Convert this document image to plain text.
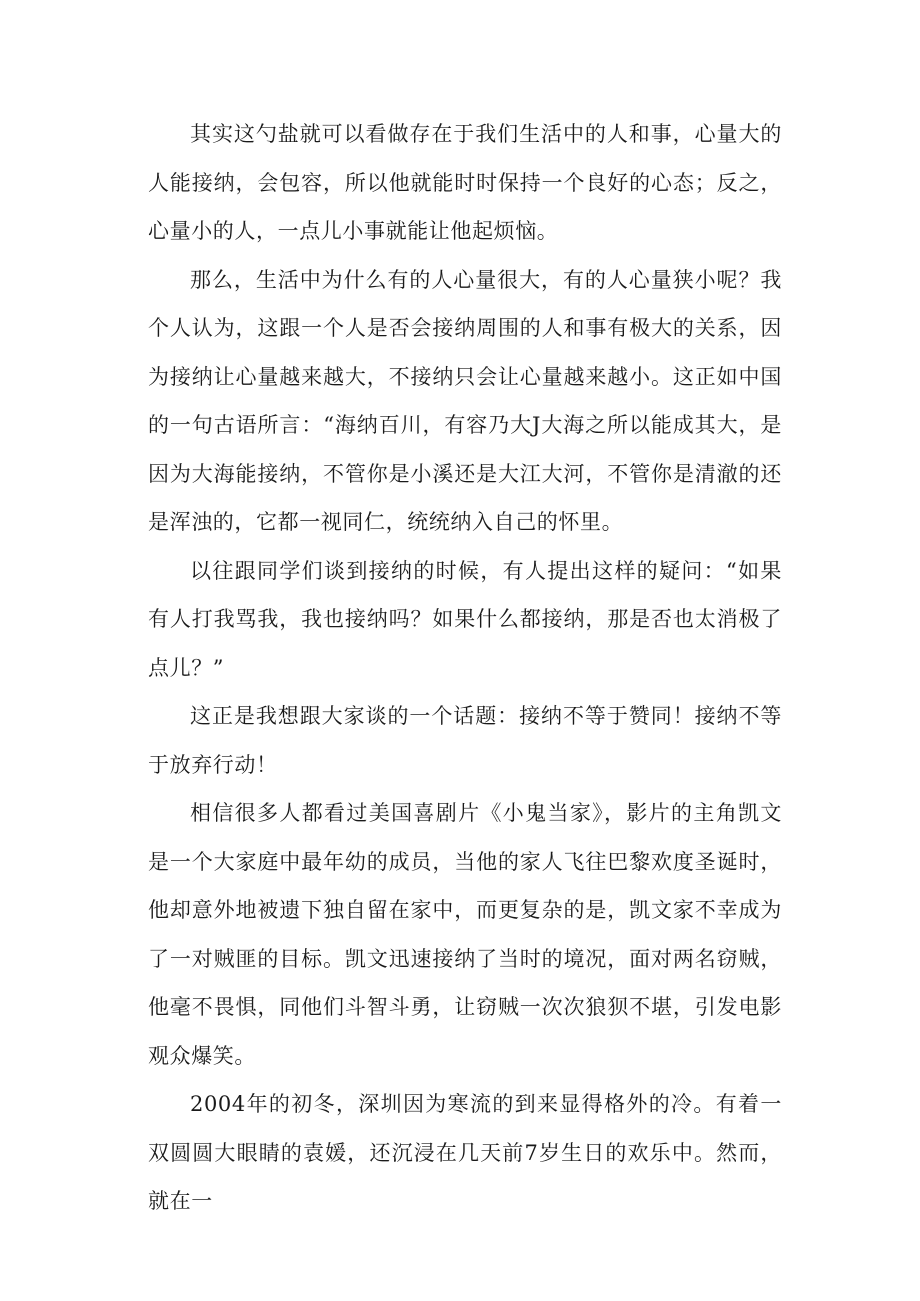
其实这勺盐就可以看做存在于我们生活中的人和事，心量大的人能接纳，会包容，所以他就能时时保持一个良好的心态；反之，心量小的人，一点儿小事就能让他起烦恼。

那么，生活中为什么有的人心量很大，有的人心量狭小呢？我个人认为，这跟一个人是否会接纳周围的人和事有极大的关系，因为接纳让心量越来越大，不接纳只会让心量越来越小。这正如中国的一句古语所言：“海纳百川，有容乃大J大海之所以能成其大，是因为大海能接纳，不管你是小溪还是大江大河，不管你是清澈的还是浑浊的，它都一视同仁，统统纳入自己的怀里。

以往跟同学们谈到接纳的时候，有人提出这样的疑问：“如果有人打我骂我，我也接纳吗？如果什么都接纳，那是否也太消极了点儿？”

这正是我想跟大家谈的一个话题：接纳不等于赞同！接纳不等于放弃行动！

相信很多人都看过美国喜剧片《小鬼当家》，影片的主角凯文是一个大家庭中最年幼的成员，当他的家人飞往巴黎欢度圣诞时，他却意外地被遗下独自留在家中，而更复杂的是，凯文家不幸成为了一对贼匪的目标。凯文迅速接纳了当时的境况，面对两名窃贼，他毫不畏惧，同他们斗智斗勇，让窃贼一次次狼狈不堪，引发电影观众爆笑。

2004年的初冬，深圳因为寒流的到来显得格外的冷。有着一双圆圆大眼睛的袁媛，还沉浸在几天前7岁生日的欢乐中。然而，就在一
